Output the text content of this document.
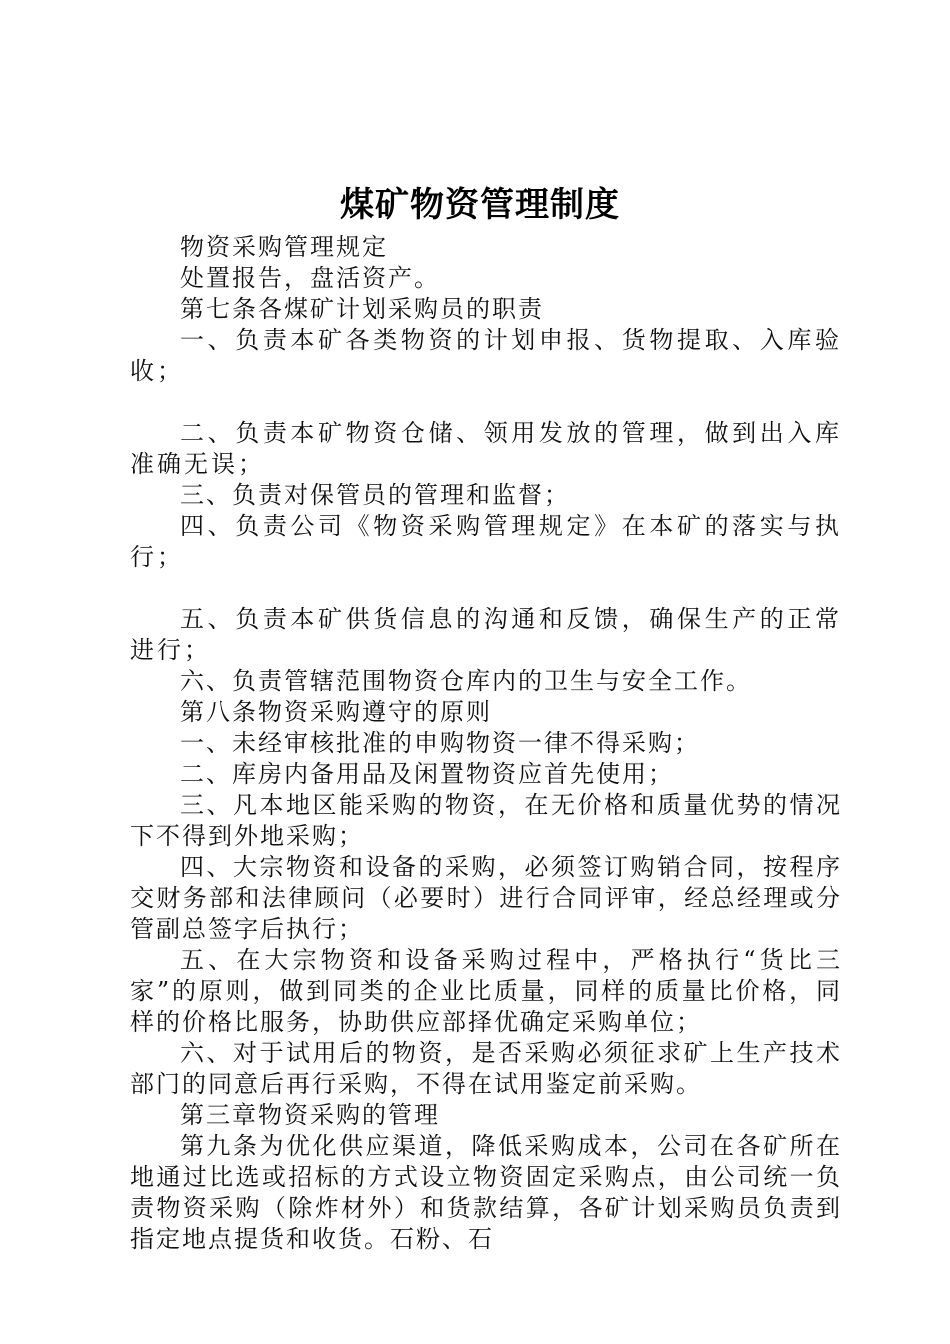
煤矿物资管理制度

物资采购管理规定

处置报告，盘活资产。

第七条各煤矿计划采购员的职责

一、负责本矿各类物资的计划申报、货物提取、入库验收；

二、负责本矿物资仓储、领用发放的管理，做到出入库准确无误；

三、负责对保管员的管理和监督；

四、负责公司《物资采购管理规定》在本矿的落实与执行；

五、负责本矿供货信息的沟通和反馈，确保生产的正常进行；

六、负责管辖范围物资仓库内的卫生与安全工作。

第八条物资采购遵守的原则

一、未经审核批准的申购物资一律不得采购；

二、库房内备用品及闲置物资应首先使用；

三、凡本地区能采购的物资，在无价格和质量优势的情况下不得到外地采购；

四、大宗物资和设备的采购，必须签订购销合同，按程序交财务部和法律顾问（必要时）进行合同评审，经总经理或分管副总签字后执行；

五、在大宗物资和设备采购过程中，严格执行“货比三家”的原则，做到同类的企业比质量，同样的质量比价格，同样的价格比服务，协助供应部择优确定采购单位；

六、对于试用后的物资，是否采购必须征求矿上生产技术部门的同意后再行采购，不得在试用鉴定前采购。

第三章物资采购的管理

第九条为优化供应渠道，降低采购成本，公司在各矿所在地通过比选或招标的方式设立物资固定采购点，由公司统一负责物资采购（除炸材外）和货款结算，各矿计划采购员负责到指定地点提货和收货。石粉、石
